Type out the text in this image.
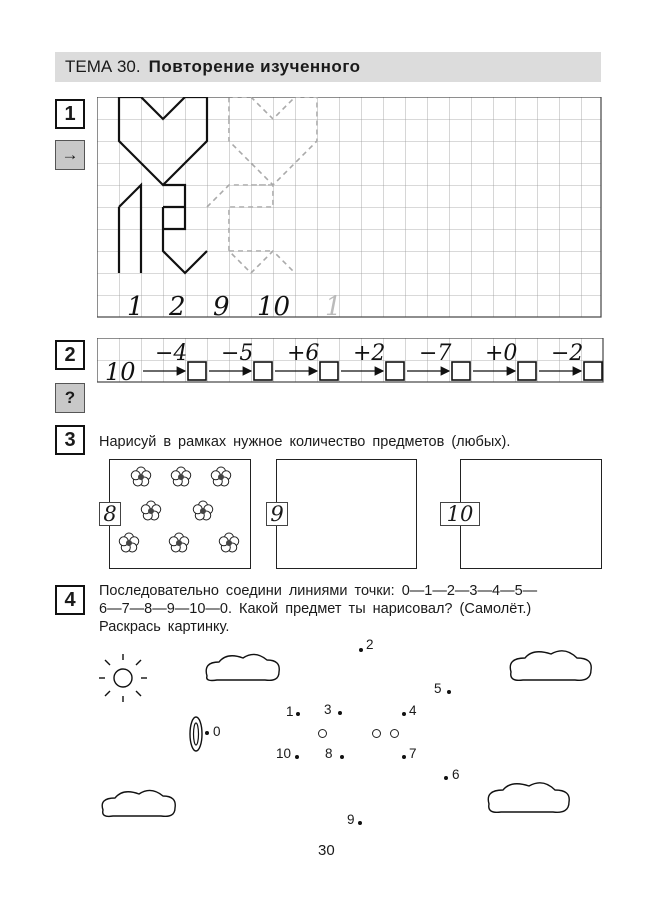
ТЕМА 30. Повторение изученного
1
→
1 2 9 10 1
2
?
10
−4 −5 +6 +2 −7 +0 −2
3	Нарисуй в рамках нужное количество предметов (любых).
8	9	10
4	Последовательно соедини линиями точки: 0—1—2—3—4—5—
6—7—8—9—10—0. Какой предмет ты нарисовал? (Самолёт.)
Раскрась картинку.
0
1
2
3	4
5
6
7
8
9
10
30
